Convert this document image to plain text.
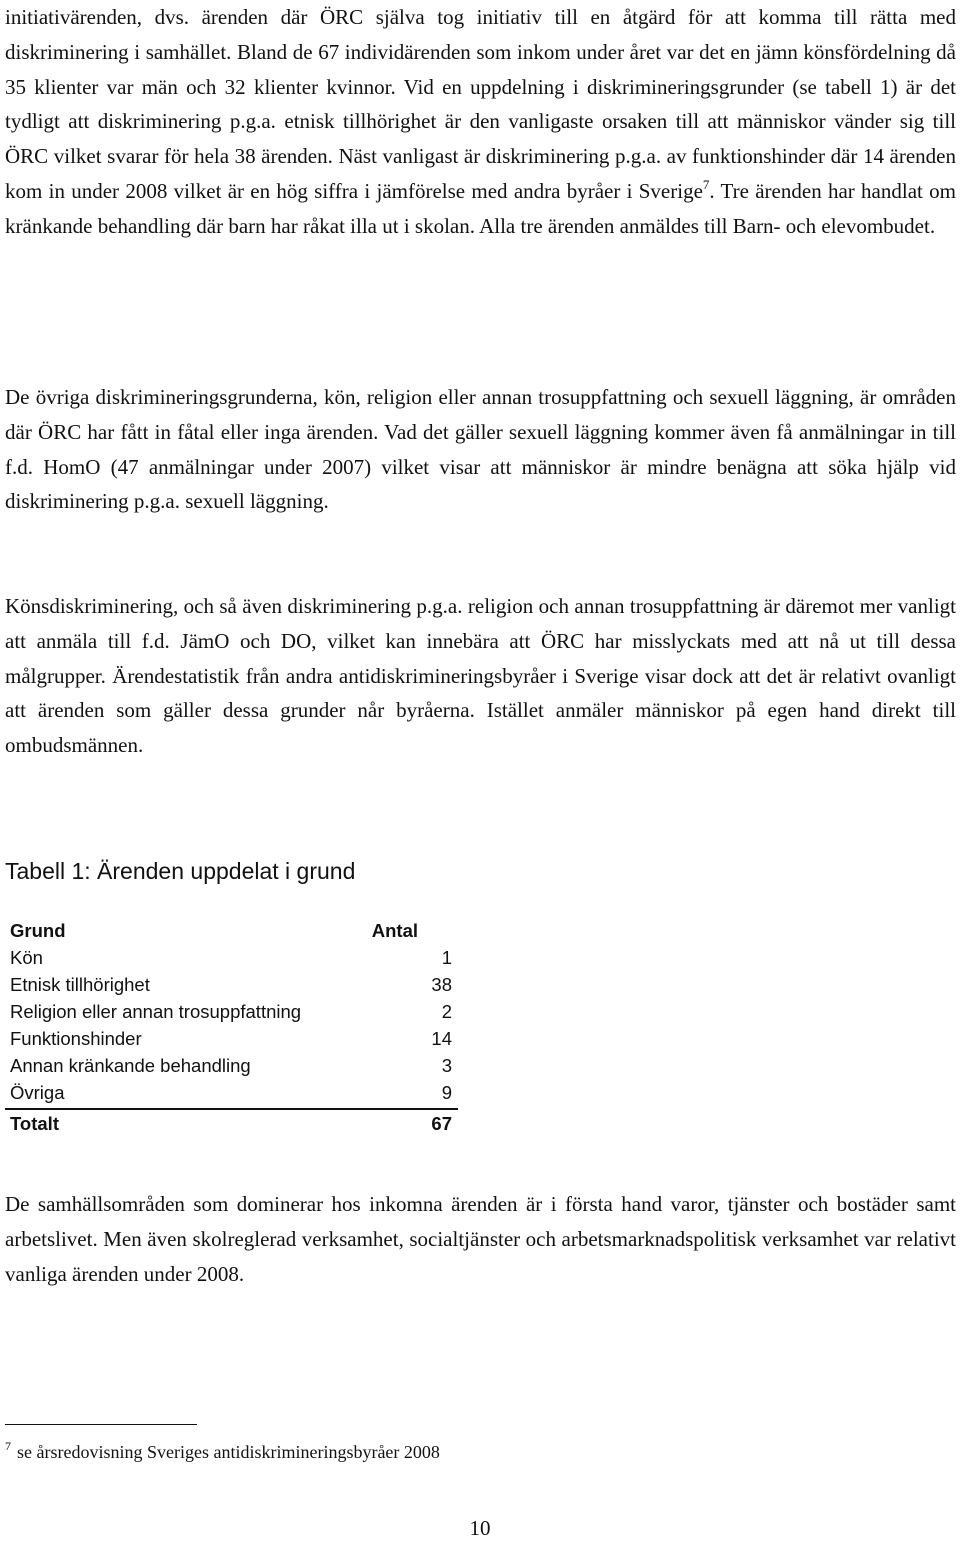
initiativärenden, dvs. ärenden där ÖRC själva tog initiativ till en åtgärd för att komma till rätta med diskriminering i samhället. Bland de 67 individärenden som inkom under året var det en jämn könsfördelning då 35 klienter var män och 32 klienter kvinnor. Vid en uppdelning i diskrimineringsgrunder (se tabell 1) är det tydligt att diskriminering p.g.a. etnisk tillhörighet är den vanligaste orsaken till att människor vänder sig till ÖRC vilket svarar för hela 38 ärenden. Näst vanligast är diskriminering p.g.a. av funktionshinder där 14 ärenden kom in under 2008 vilket är en hög siffra i jämförelse med andra byråer i Sverige$^7$. Tre ärenden har handlat om kränkande behandling där barn har råkat illa ut i skolan. Alla tre ärenden anmäldes till Barn- och elevombudet.

De övriga diskrimineringsgrunderna, kön, religion eller annan trosuppfattning och sexuell läggning, är områden där ÖRC har fått in fåtal eller inga ärenden. Vad det gäller sexuell läggning kommer även få anmälningar in till f.d. HomO (47 anmälningar under 2007) vilket visar att människor är mindre benägna att söka hjälp vid diskriminering p.g.a. sexuell läggning.

Könsdiskriminering, och så även diskriminering p.g.a. religion och annan trosuppfattning är däremot mer vanligt att anmäla till f.d. JämO och DO, vilket kan innebära att ÖRC har misslyckats med att nå ut till dessa målgrupper. Ärendestatistik från andra antidiskrimineringsbyråer i Sverige visar dock att det är relativt ovanligt att ärenden som gäller dessa grunder når byråerna. Istället anmäler människor på egen hand direkt till ombudsmännen.

Tabell 1: Ärenden uppdelat i grund

Grund	Antal
Kön	1
Etnisk tillhörighet	38
Religion eller annan trosuppfattning	2
Funktionshinder	14
Annan kränkande behandling	3
Övriga	9
Totalt	67

De samhällsområden som dominerar hos inkomna ärenden är i första hand varor, tjänster och bostäder samt arbetslivet. Men även skolreglerad verksamhet, socialtjänster och arbetsmarknadspolitisk verksamhet var relativt vanliga ärenden under 2008.

$^7$ se årsredovisning Sveriges antidiskrimineringsbyråer 2008

10
